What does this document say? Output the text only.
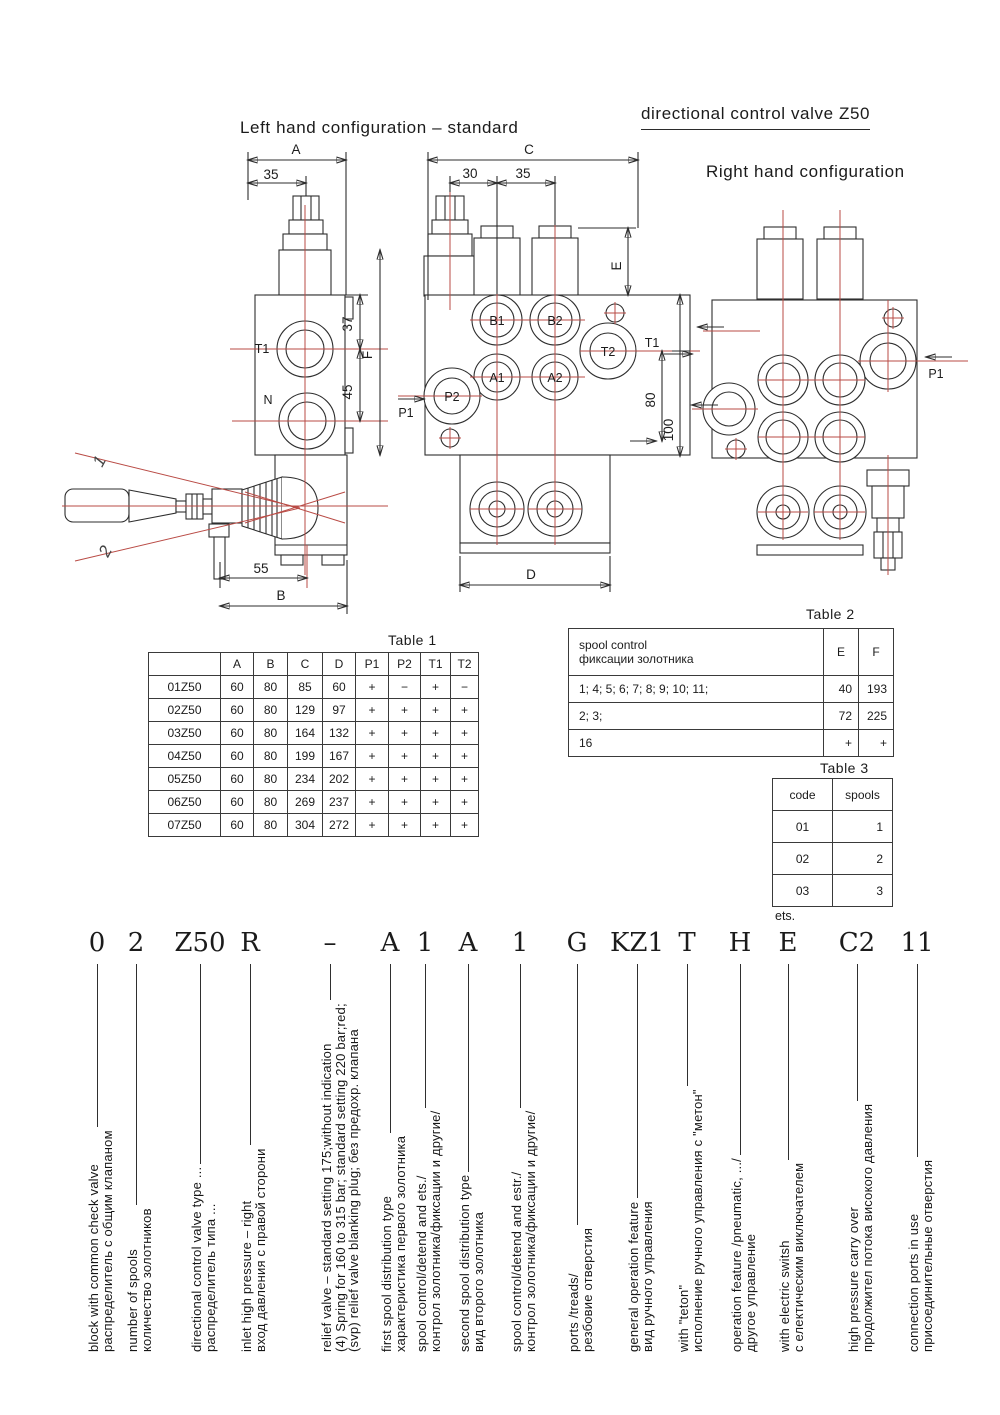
Left hand configuration – standard
directional control valve Z50
Right hand configuration
A
35
T1
N
37
45
F
1
2
55
B
C
30	35
E
B1	B2
A1	A2
T2
P2
T1
P1
80
100
D
P1
Table 1
	A	B	C	D	P1	P2	T1	T2
01Z50	60	80	85	60	+	−	+	−
02Z50	60	80	129	97	+	+	+	+
03Z50	60	80	164	132	+	+	+	+
04Z50	60	80	199	167	+	+	+	+
05Z50	60	80	234	202	+	+	+	+
06Z50	60	80	269	237	+	+	+	+
07Z50	60	80	304	272	+	+	+	+
Table 2
spool control
фиксации золотника	E	F
1; 4; 5; 6; 7; 8; 9; 10; 11;	40	193
2; 3;	72	225
16	+	+
Table 3
code	spools
01	1
02	2
03	3
ets.
0
block with common check valve
распределитель с общим клапаном
2
number of spools
количество золотников
Z50
directional control valve type ...
распределитель типа ...
R
inlet high pressure – right
вход давления с правой сторони
–
relief valve – standard setting 175;without indication
(4) Spring for 160 to 315 bar; standard setting 220 bar;red;
(svp) relief valve blanking plug; без предохр. клапана
A
first spool distribution type
характеристика первого золотника
1
spool control/detend and ets./
контрол золотника/фиксации и другие/
A
second spool distribution type
вид второго золотника
1
spool control/detend and estr./
контрол золотника/фиксации и другие/
G
ports /treads/
резбовие отверстия
KZ1
general operation feature
вид ручного управления
T
with "teton"
исполнение ручного управления с "метон"
H
operation feature /pneumatic, .../
другое управление
E
with electric switsh
с електическим виключателем
C2
high pressure carry over
продолжител потока високого давления
11
connection ports in use
присоединительные отверстия
